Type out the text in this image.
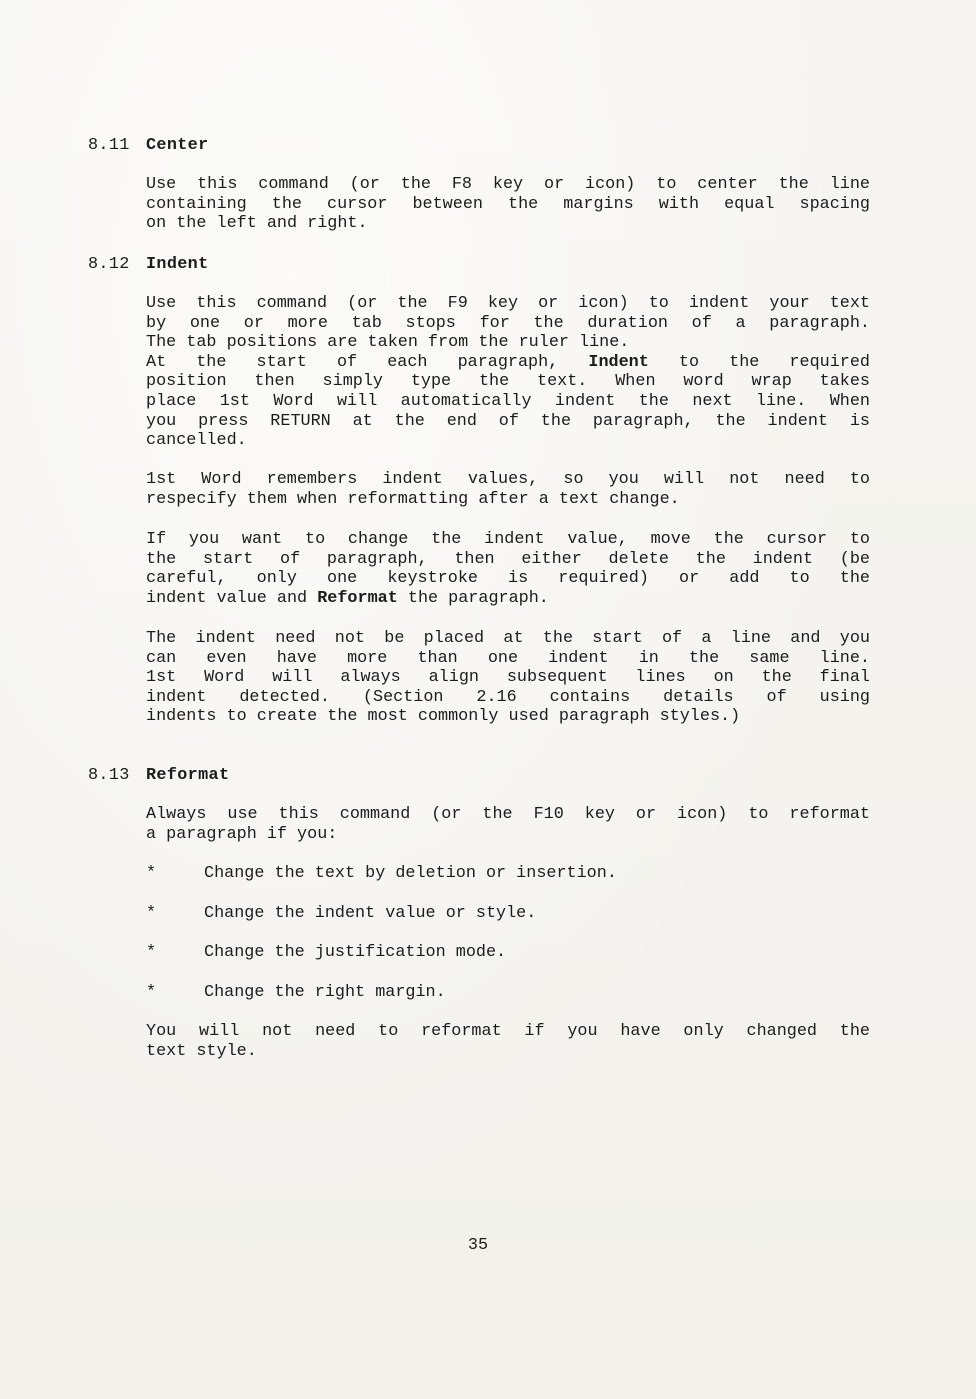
8.11 Center
Use this command (or the F8 key or icon) to center the line
containing the cursor between the margins with equal spacing
on the left and right.
8.12 Indent
Use this command (or the F9 key or icon) to indent your text
by one or more tab stops for the duration of a paragraph.
The tab positions are taken from the ruler line.
At the start of each paragraph, Indent to the required
position then simply type the text. When word wrap takes
place 1st Word will automatically indent the next line. When
you press RETURN at the end of the paragraph, the indent is
cancelled.
1st Word remembers indent values, so you will not need to
respecify them when reformatting after a text change.
If you want to change the indent value, move the cursor to
the start of paragraph, then either delete the indent (be
careful, only one keystroke is required) or add to the
indent value and Reformat the paragraph.
The indent need not be placed at the start of a line and you
can even have more than one indent in the same line.
1st Word will always align subsequent lines on the final
indent detected. (Section 2.16 contains details of using
indents to create the most commonly used paragraph styles.)
8.13 Reformat
Always use this command (or the F10 key or icon) to reformat
a paragraph if you:
*	Change the text by deletion or insertion.
*	Change the indent value or style.
*	Change the justification mode.
*	Change the right margin.
You will not need to reformat if you have only changed the
text style.
35
